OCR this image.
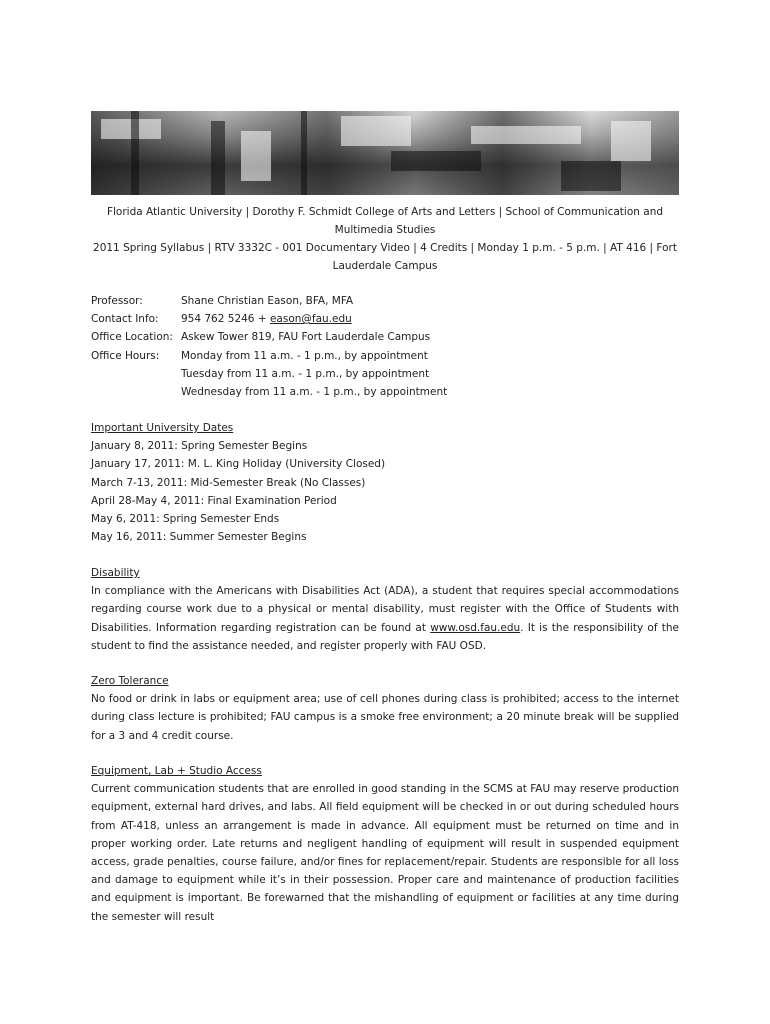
Florida Atlantic University | Dorothy F. Schmidt College of Arts and Letters | School of Communication and Multimedia Studies
2011 Spring Syllabus | RTV 3332C - 001 Documentary Video | 4 Credits | Monday 1 p.m. - 5 p.m. | AT 416 | Fort Lauderdale Campus
Professor:	Shane Christian Eason, BFA, MFA
Contact Info: 954 762 5246 + eason@fau.edu
Office Location: Askew Tower 819, FAU Fort Lauderdale Campus
Office Hours: Monday from 11 a.m. - 1 p.m., by appointment
Tuesday from 11 a.m. - 1 p.m., by appointment
Wednesday from 11 a.m. - 1 p.m., by appointment
Important University Dates
January 8, 2011: Spring Semester Begins
January 17, 2011: M. L. King Holiday (University Closed)
March 7-13, 2011: Mid-Semester Break (No Classes)
April 28-May 4, 2011: Final Examination Period
May 6, 2011: Spring Semester Ends
May 16, 2011: Summer Semester Begins
Disability
In compliance with the Americans with Disabilities Act (ADA), a student that requires special accommodations regarding course work due to a physical or mental disability, must register with the Office of Students with Disabilities. Information regarding registration can be found at www.osd.fau.edu. It is the responsibility of the student to find the assistance needed, and register properly with FAU OSD.
Zero Tolerance
No food or drink in labs or equipment area; use of cell phones during class is prohibited; access to the internet during class lecture is prohibited; FAU campus is a smoke free environment; a 20 minute break will be supplied for a 3 and 4 credit course.
Equipment, Lab + Studio Access
Current communication students that are enrolled in good standing in the SCMS at FAU may reserve production equipment, external hard drives, and labs. All field equipment will be checked in or out during scheduled hours from AT-418, unless an arrangement is made in advance. All equipment must be returned on time and in proper working order. Late returns and negligent handling of equipment will result in suspended equipment access, grade penalties, course failure, and/or fines for replacement/repair. Students are responsible for all loss and damage to equipment while it’s in their possession. Proper care and maintenance of production facilities and equipment is important. Be forewarned that the mishandling of equipment or facilities at any time during the semester will result
